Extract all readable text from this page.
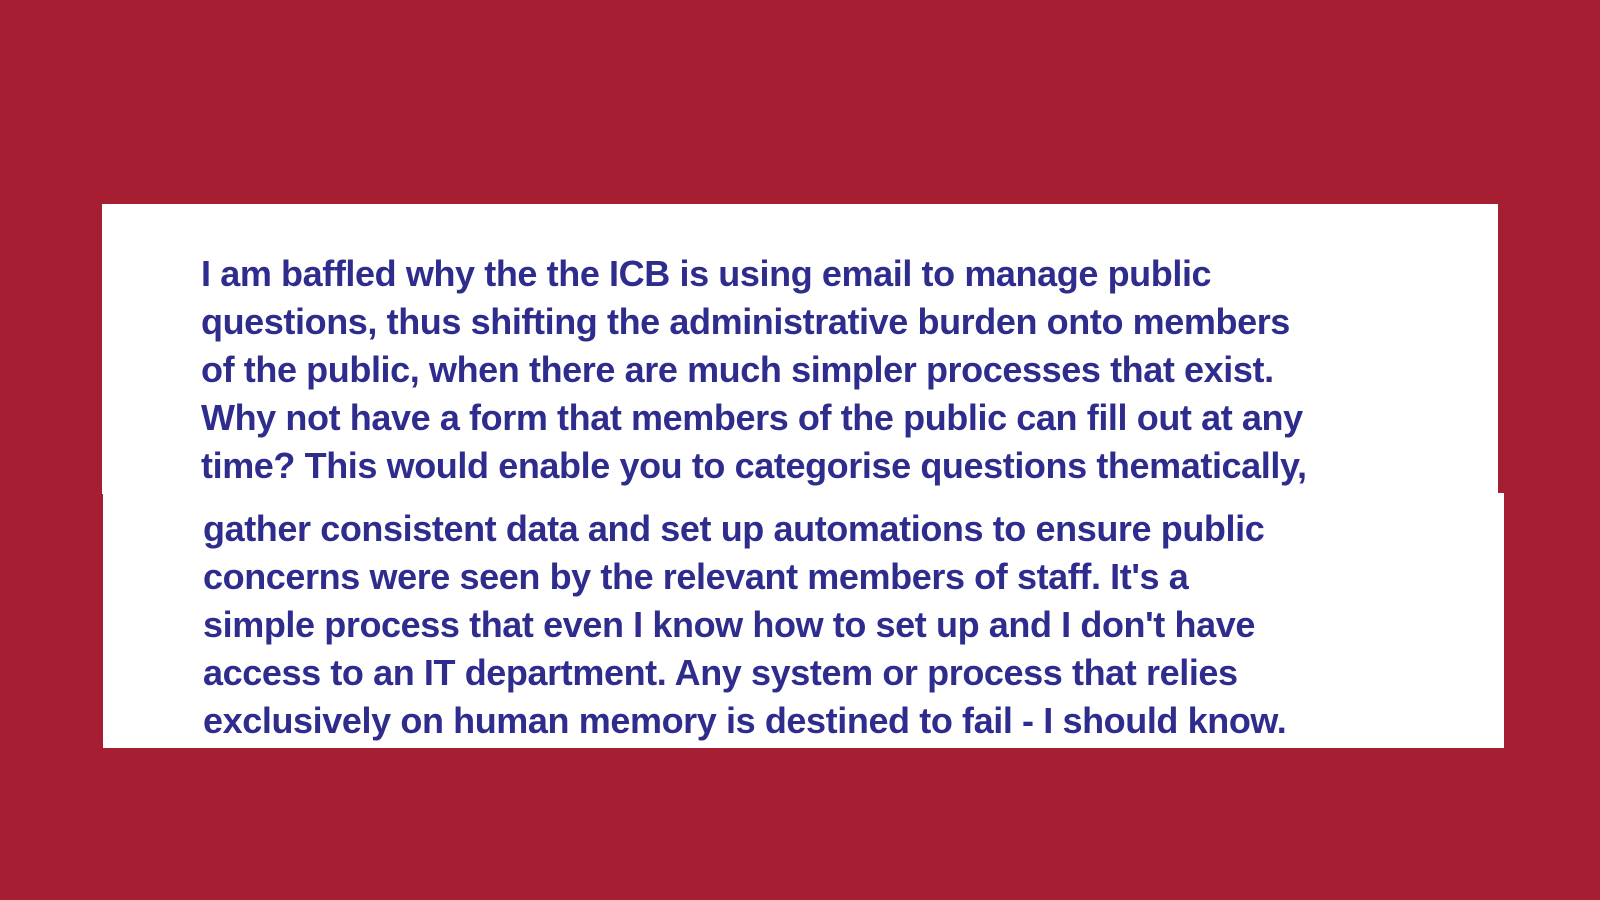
I am baffled why the the ICB is using email to manage public
questions, thus shifting the administrative burden onto members
of the public, when there are much simpler processes that exist.
Why not have a form that members of the public can fill out at any
time? This would enable you to categorise questions thematically,
gather consistent data and set up automations to ensure public
concerns were seen by the relevant members of staff. It's a
simple process that even I know how to set up and I don't have
access to an IT department. Any system or process that relies
exclusively on human memory is destined to fail - I should know.
